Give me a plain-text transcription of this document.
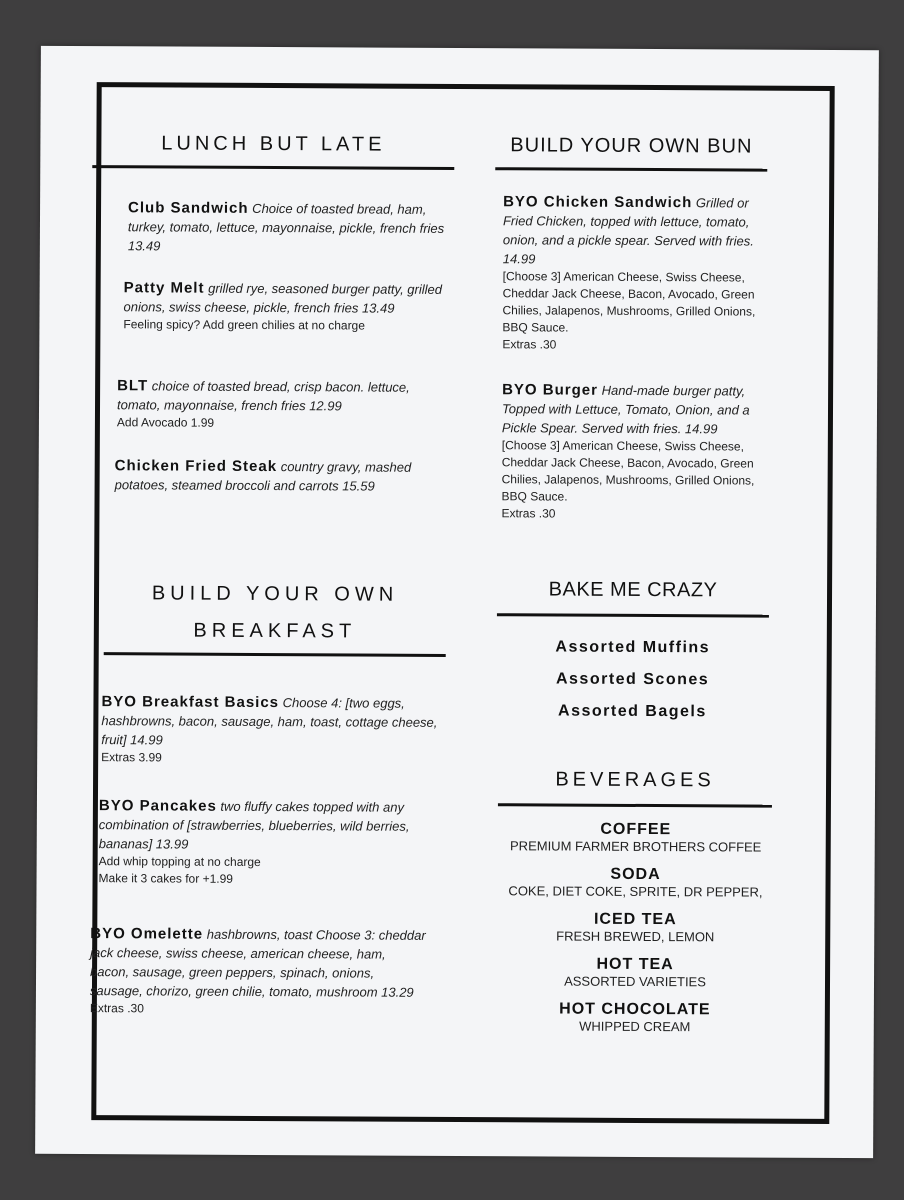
LUNCH BUT LATE
Club Sandwich Choice of toasted bread, ham, turkey, tomato, lettuce, mayonnaise, pickle, french fries 13.49
Patty Melt grilled rye, seasoned burger patty, grilled onions, swiss cheese, pickle, french fries 13.49
Feeling spicy? Add green chilies at no charge
BLT choice of toasted bread, crisp bacon. lettuce, tomato, mayonnaise, french fries 12.99
Add Avocado 1.99
Chicken Fried Steak country gravy, mashed potatoes, steamed broccoli and carrots 15.59
BUILD YOUR OWN
BREAKFAST
BYO Breakfast Basics Choose 4: [two eggs, hashbrowns, bacon, sausage, ham, toast, cottage cheese, fruit] 14.99
Extras 3.99
BYO Pancakes two fluffy cakes topped with any combination of [strawberries, blueberries, wild berries, bananas] 13.99
Add whip topping at no charge
Make it 3 cakes for +1.99
BYO Omelette hashbrowns, toast Choose 3: cheddar jack cheese, swiss cheese, american cheese, ham, bacon, sausage, green peppers, spinach, onions, sausage, chorizo, green chilie, tomato, mushroom 13.29
Extras .30
BUILD YOUR OWN BUN
BYO Chicken Sandwich Grilled or Fried Chicken, topped with lettuce, tomato, onion, and a pickle spear. Served with fries. 14.99
[Choose 3] American Cheese, Swiss Cheese, Cheddar Jack Cheese, Bacon, Avocado, Green Chilies, Jalapenos, Mushrooms, Grilled Onions, BBQ Sauce.
Extras .30
BYO Burger Hand-made burger patty, Topped with Lettuce, Tomato, Onion, and a Pickle Spear. Served with fries. 14.99
[Choose 3] American Cheese, Swiss Cheese, Cheddar Jack Cheese, Bacon, Avocado, Green Chilies, Jalapenos, Mushrooms, Grilled Onions, BBQ Sauce.
Extras .30
BAKE ME CRAZY
Assorted Muffins
Assorted Scones
Assorted Bagels
BEVERAGES
COFFEE
PREMIUM FARMER BROTHERS COFFEE
SODA
COKE, DIET COKE, SPRITE, DR PEPPER,
ICED TEA
FRESH BREWED, LEMON
HOT TEA
ASSORTED VARIETIES
HOT CHOCOLATE
WHIPPED CREAM
